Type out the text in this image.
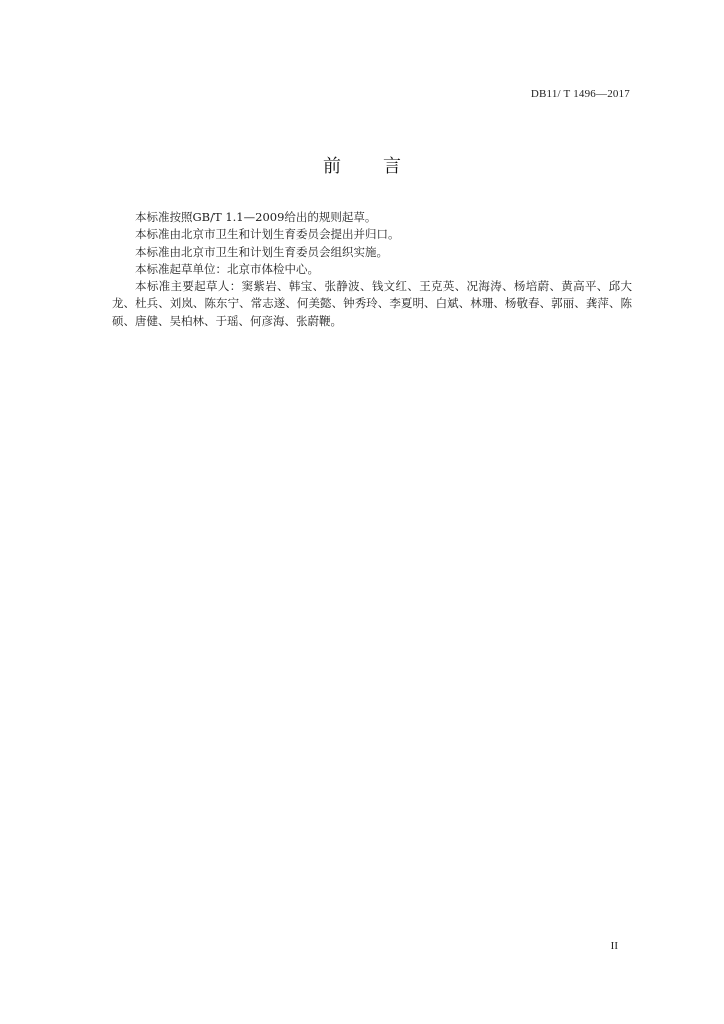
DB11/ T 1496—2017
前言

本标准按照GB/T 1.1—2009给出的规则起草。

本标准由北京市卫生和计划生育委员会提出并归口。

本标准由北京市卫生和计划生育委员会组织实施。

本标准起草单位：北京市体检中心。

本标准主要起草人：窦紫岩、韩宝、张静波、钱文红、王克英、况海涛、杨培蔚、黄高平、邱大龙、杜兵、刘岚、陈东宁、常志遂、何美懿、钟秀玲、李夏明、白斌、林珊、杨敬春、郭丽、龚萍、陈硕、唐健、吴柏林、于瑶、何彦海、张蔚鞭。

II
